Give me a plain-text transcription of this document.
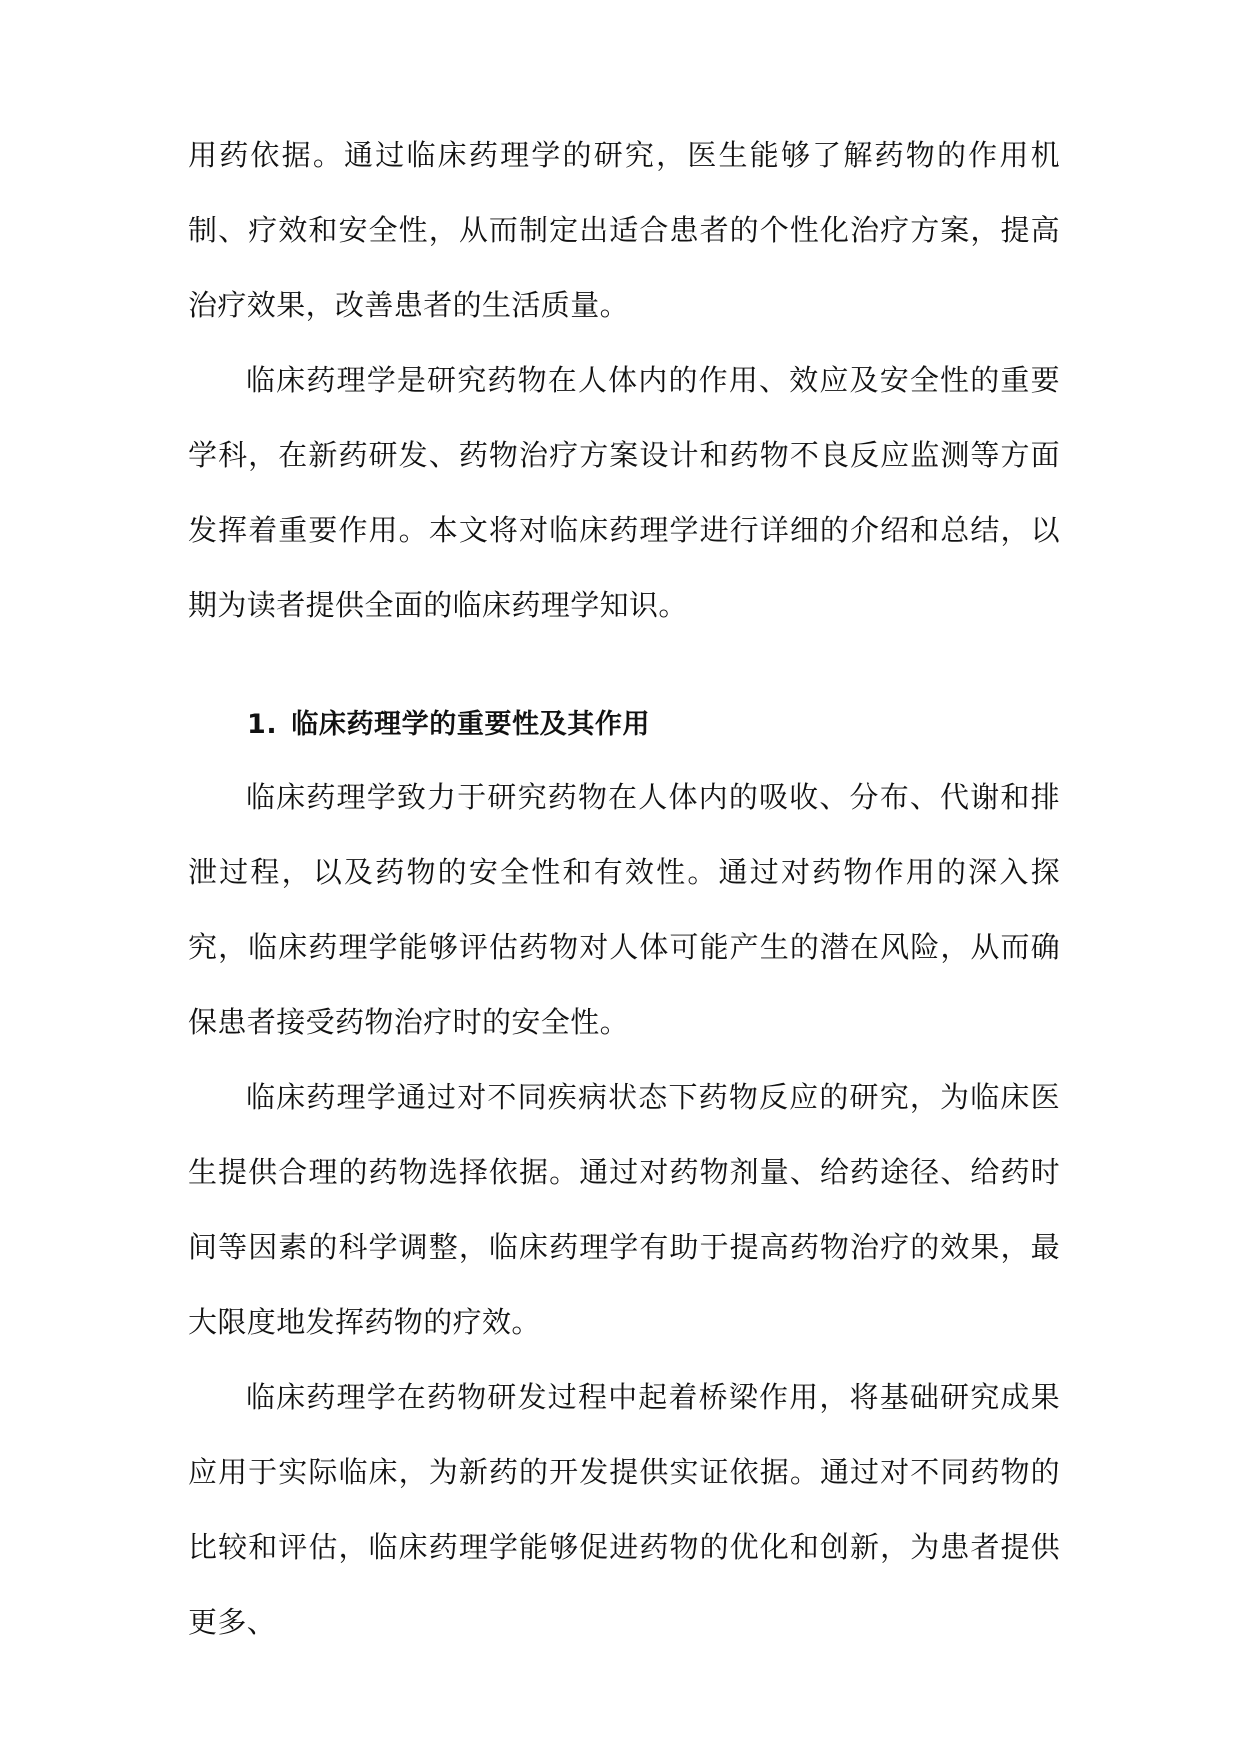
用药依据。通过临床药理学的研究，医生能够了解药物的作用机制、疗效和安全性，从而制定出适合患者的个性化治疗方案，提高治疗效果，改善患者的生活质量。

临床药理学是研究药物在人体内的作用、效应及安全性的重要学科，在新药研发、药物治疗方案设计和药物不良反应监测等方面发挥着重要作用。本文将对临床药理学进行详细的介绍和总结，以期为读者提供全面的临床药理学知识。

1. 临床药理学的重要性及其作用

临床药理学致力于研究药物在人体内的吸收、分布、代谢和排泄过程，以及药物的安全性和有效性。通过对药物作用的深入探究，临床药理学能够评估药物对人体可能产生的潜在风险，从而确保患者接受药物治疗时的安全性。

临床药理学通过对不同疾病状态下药物反应的研究，为临床医生提供合理的药物选择依据。通过对药物剂量、给药途径、给药时间等因素的科学调整，临床药理学有助于提高药物治疗的效果，最大限度地发挥药物的疗效。

临床药理学在药物研发过程中起着桥梁作用，将基础研究成果应用于实际临床，为新药的开发提供实证依据。通过对不同药物的比较和评估，临床药理学能够促进药物的优化和创新，为患者提供更多、
